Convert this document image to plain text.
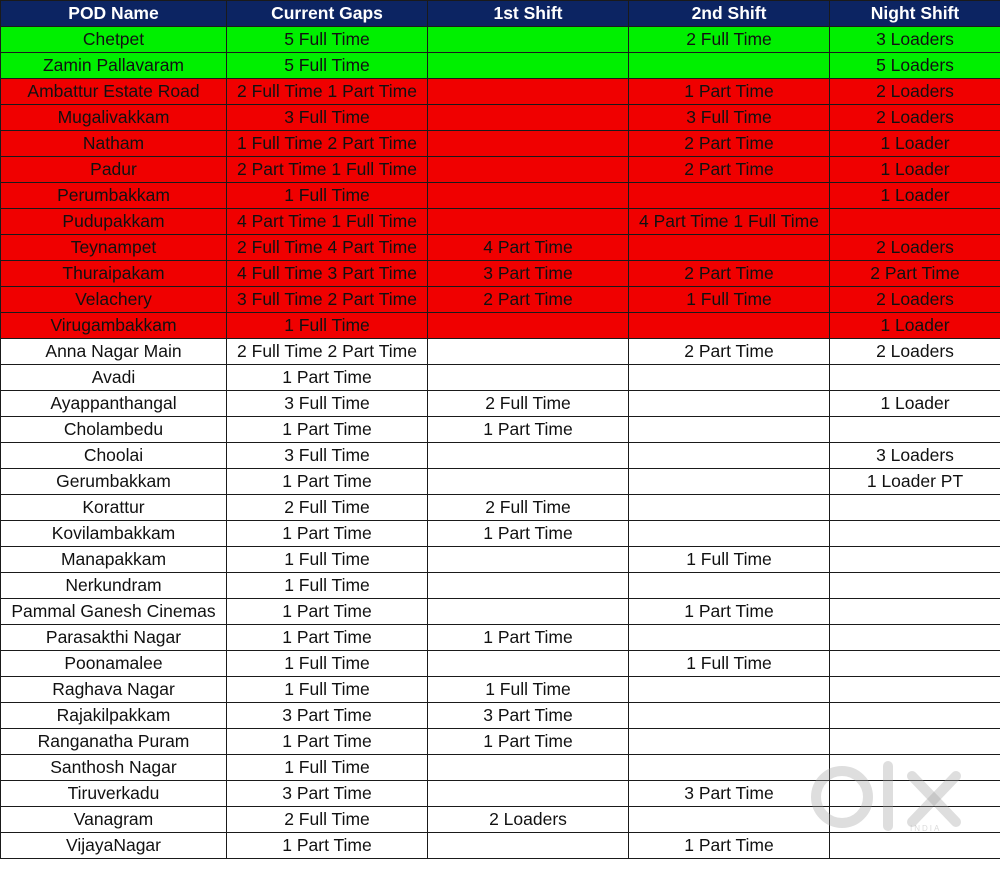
POD Name	Current Gaps	1st Shift	2nd Shift	Night Shift
Chetpet	5 Full Time		2 Full Time	3 Loaders
Zamin Pallavaram	5 Full Time			5 Loaders
Ambattur Estate Road	2 Full Time 1 Part Time		1 Part Time	2 Loaders
Mugalivakkam	3 Full Time		3 Full Time	2 Loaders
Natham	1 Full Time 2 Part Time		2 Part Time	1 Loader
Padur	2 Part Time 1 Full Time		2 Part Time	1 Loader
Perumbakkam	1 Full Time			1 Loader
Pudupakkam	4 Part Time 1 Full Time		4 Part Time 1 Full Time	
Teynampet	2 Full Time 4 Part Time	4 Part Time		2 Loaders
Thuraipakam	4 Full Time 3 Part Time	3 Part Time	2 Part Time	2 Part Time
Velachery	3 Full Time 2 Part Time	2 Part Time	1 Full Time	2 Loaders
Virugambakkam	1 Full Time			1 Loader
Anna Nagar Main	2 Full Time 2 Part Time		2 Part Time	2 Loaders
Avadi	1 Part Time			
Ayappanthangal	3 Full Time	2 Full Time		1 Loader
Cholambedu	1 Part Time	1 Part Time		
Choolai	3 Full Time			3 Loaders
Gerumbakkam	1 Part Time			1 Loader PT
Korattur	2 Full Time	2 Full Time		
Kovilambakkam	1 Part Time	1 Part Time		
Manapakkam	1 Full Time		1 Full Time	
Nerkundram	1 Full Time			
Pammal Ganesh Cinemas	1 Part Time		1 Part Time	
Parasakthi Nagar	1 Part Time	1 Part Time		
Poonamalee	1 Full Time		1 Full Time	
Raghava Nagar	1 Full Time	1 Full Time		
Rajakilpakkam	3 Part Time	3 Part Time		
Ranganatha Puram	1 Part Time	1 Part Time		
Santhosh Nagar	1 Full Time			
Tiruverkadu	3 Part Time		3 Part Time	
Vanagram	2 Full Time	2 Loaders		
VijayaNagar	1 Part Time		1 Part Time	
INDIA
